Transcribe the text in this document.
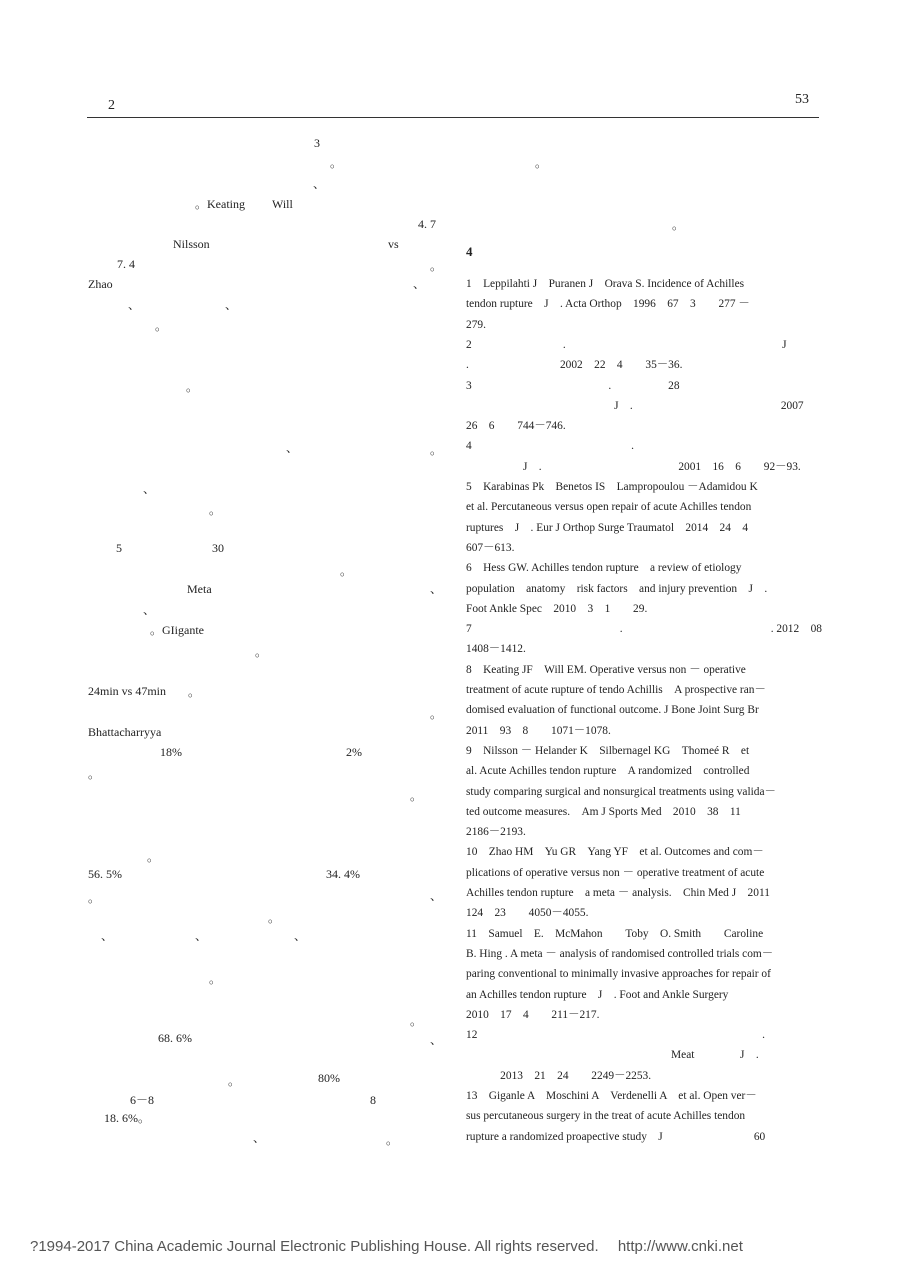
2	53
3
。
、
。Keating Will
4. 7
Nilsson	vs
7. 4	。
Zhao	、
、	、
。
。
、	。
、
。
5	30
。
Meta	、
、
。GIigante
。
24min vs 47min 。
。
Bhattacharryya
18%	2%
。
。
。
56. 5%	34. 4%
。	、
。
、	、	、
。
。
68. 6%	、
。	80%
6－8	8
18. 6%。
、	。
。
。
4
1　Leppilahti J　Puranen J　Orava S. Incidence of Achilles
tendon rupture　J　. Acta Orthop　1996　67　3　　277 －
279.
2　　　　　　　　.　　　　　　　　　　　　　　　　　　　J
.　　　　　　　　2002　22　4　　35－36.
3　　　　　　　　　　　　.　　　　　28
　　　　　　　　　　　　　J　.　　　　　　　　　　　　　2007
26　6　　744－746.
4　　　　　　　　　　　　　　.
　　　　　J　.　　　　　　　　　　　　2001　16　6　　92－93.
5　Karabinas Pk　Benetos IS　Lampropoulou －Adamidou K
et al. Percutaneous versus open repair of acute Achilles tendon
ruptures　J　. Eur J Orthop Surge Traumatol　2014　24　4
607－613.
6　Hess GW. Achilles tendon rupture　a review of etiology
population　anatomy　risk factors　and injury prevention　J　.
Foot Ankle Spec　2010　3　1　　29.
7　　　　　　　　　　　　　.　　　　　　　　　　　　　. 2012　08
1408－1412.
8　Keating JF　Will EM. Operative versus non － operative
treatment of acute rupture of tendo Achillis　A prospective ran－
domised evaluation of functional outcome. J Bone Joint Surg Br
2011　93　8　　1071－1078.
9　Nilsson － Helander K　Silbernagel KG　Thomeé R　et
al. Acute Achilles tendon rupture　A randomized　controlled
study comparing surgical and nonsurgical treatments using valida－
ted outcome measures.　Am J Sports Med　2010　38　11
2186－2193.
10　Zhao HM　Yu GR　Yang YF　et al. Outcomes and com－
plications of operative versus non － operative treatment of acute
Achilles tendon rupture　a meta － analysis.　Chin Med J　2011
124　23　　4050－4055.
11　Samuel　E.　McMahon　　Toby　O. Smith　　Caroline
B. Hing . A meta － analysis of randomised controlled trials com－
paring conventional to minimally invasive approaches for repair of
an Achilles tendon rupture　J　. Foot and Ankle Surgery
2010　17　4　　211－217.
12　　　　　　　　　　　　　　　　　　　　　　　　　.
　　　　　　　　　　　　　　　　　　Meat　　　　J　.
　　　2013　21　24　　2249－2253.
13　Giganle A　Moschini A　Verdenelli A　et al. Open ver－
sus percutaneous surgery in the treat of acute Achilles tendon
rupture a randomized proapective study　J　　　　　　　　60
?1994-2017 China Academic Journal Electronic Publishing House. All rights reserved.　 http://www.cnki.net
